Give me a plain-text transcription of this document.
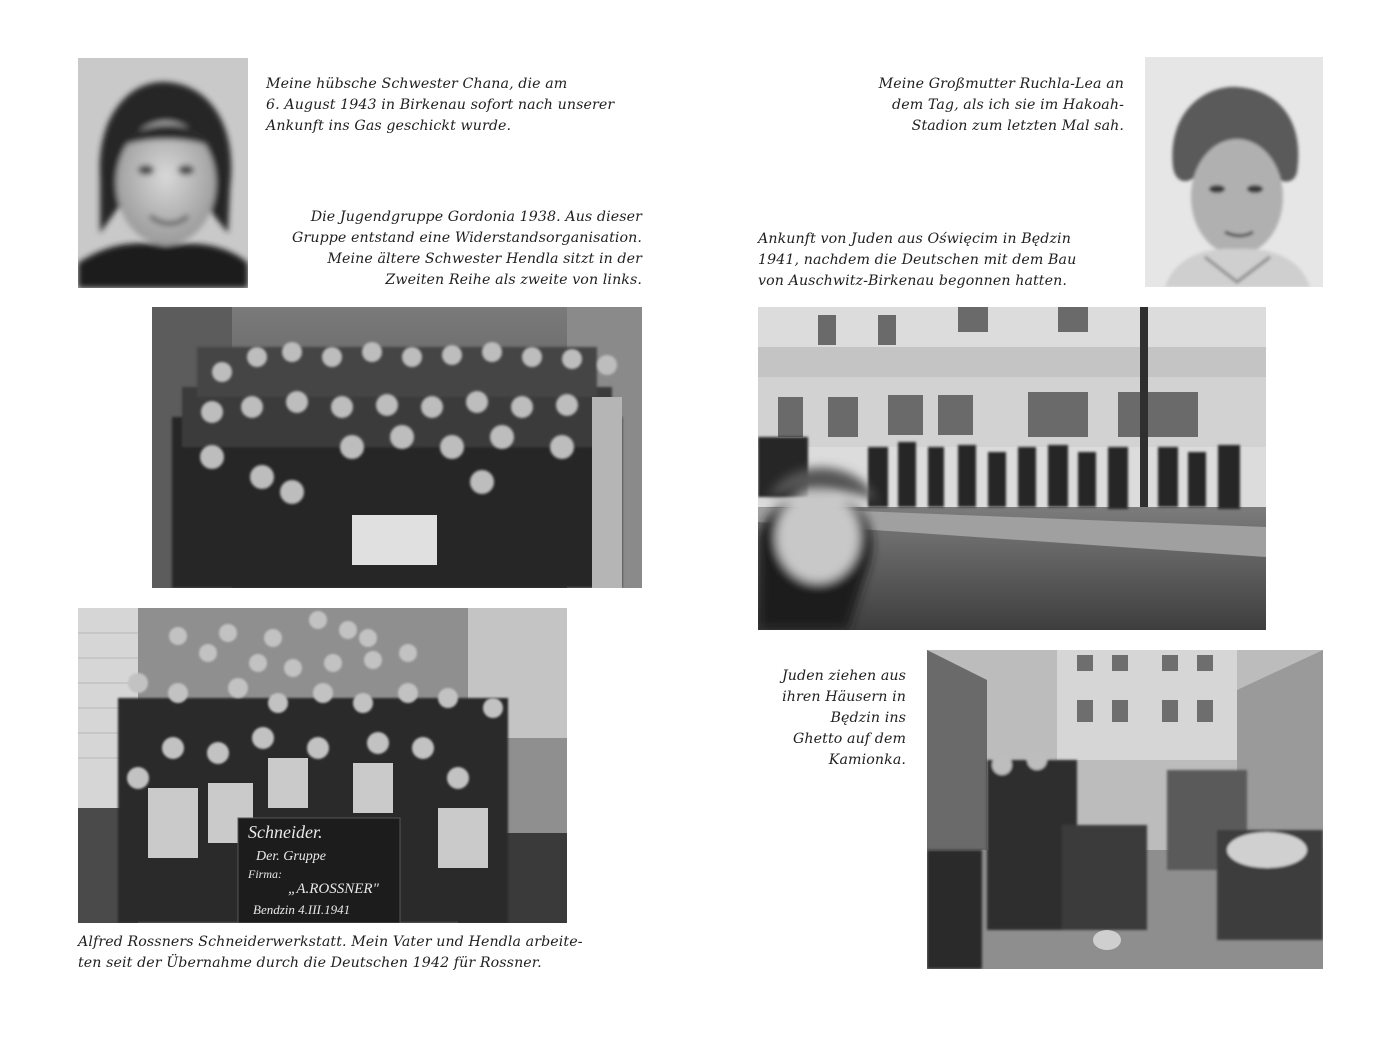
Meine hübsche Schwester Chana, die am
6. August 1943 in Birkenau sofort nach unserer
Ankunft ins Gas geschickt wurde.

Die Jugendgruppe Gordonia 1938. Aus dieser
Gruppe entstand eine Widerstandsorganisation.
Meine ältere Schwester Hendla sitzt in der
Zweiten Reihe als zweite von links.

Schneider.
Der. Gruppe
Firma:
„A.ROSSNER"
Bendzin 4.III.1941

Alfred Rossners Schneiderwerkstatt. Mein Vater und Hendla arbeite-
ten seit der Übernahme durch die Deutschen 1942 für Rossner.

Meine Großmutter Ruchla-Lea an
dem Tag, als ich sie im Hakoah-
Stadion zum letzten Mal sah.

Ankunft von Juden aus Oświęcim in Będzin
1941, nachdem die Deutschen mit dem Bau
von Auschwitz-Birkenau begonnen hatten.

Juden ziehen aus
ihren Häusern in
Będzin ins
Ghetto auf dem
Kamionka.
